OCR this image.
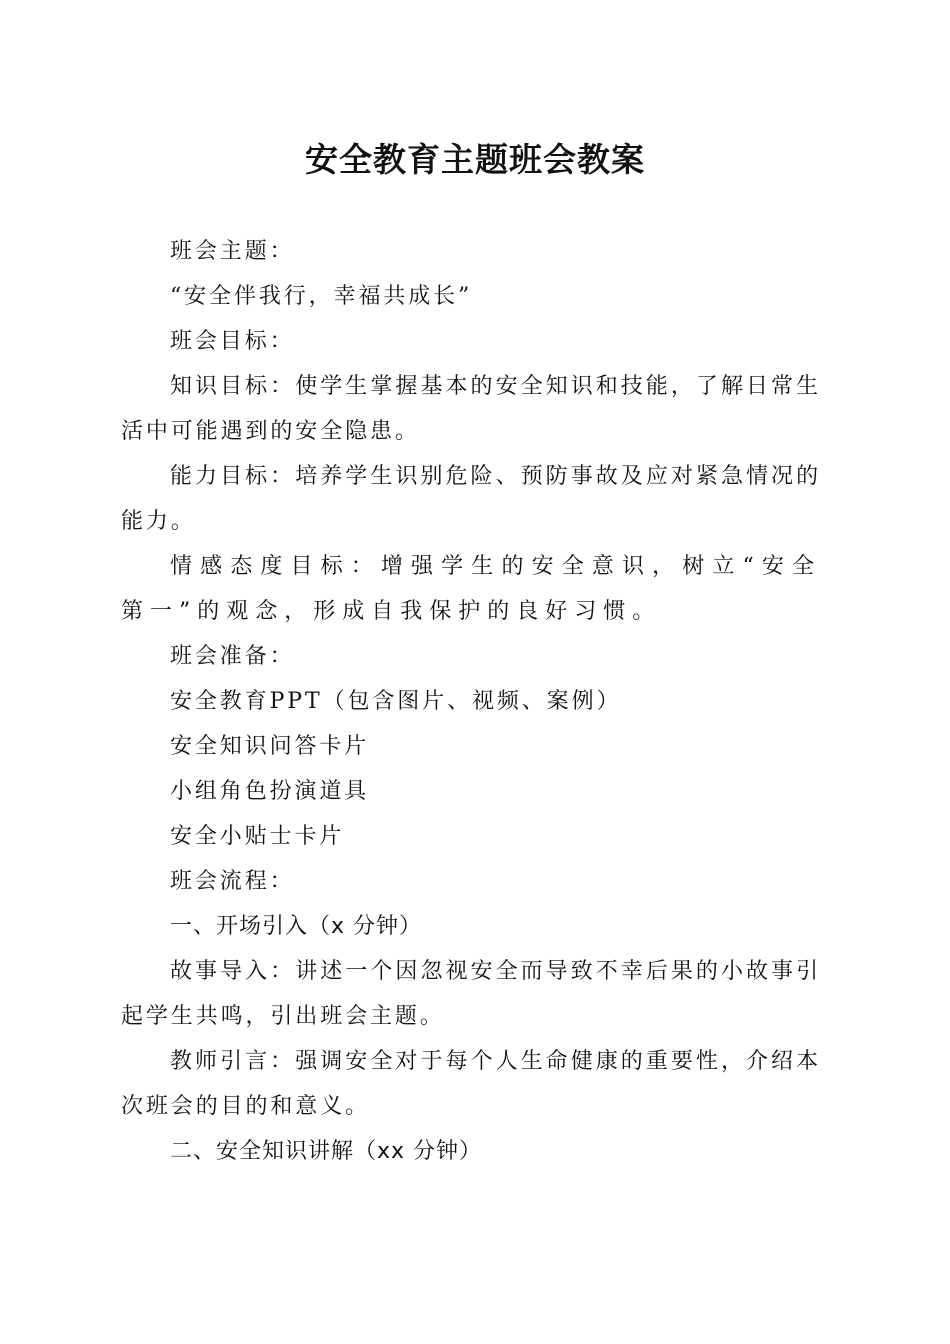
安全教育主题班会教案

班会主题：

“安全伴我行，幸福共成长”

班会目标：

知识目标：使学生掌握基本的安全知识和技能，了解日常生活中可能遇到的安全隐患。

能力目标：培养学生识别危险、预防事故及应对紧急情况的能力。

情感态度目标：增强学生的安全意识，树立“安全第一”的观念，形成自我保护的良好习惯。

班会准备：

安全教育PPT（包含图片、视频、案例）

安全知识问答卡片

小组角色扮演道具

安全小贴士卡片

班会流程：

一、开场引入（x 分钟）

故事导入：讲述一个因忽视安全而导致不幸后果的小故事引起学生共鸣，引出班会主题。

教师引言：强调安全对于每个人生命健康的重要性，介绍本次班会的目的和意义。

二、安全知识讲解（xx 分钟）
